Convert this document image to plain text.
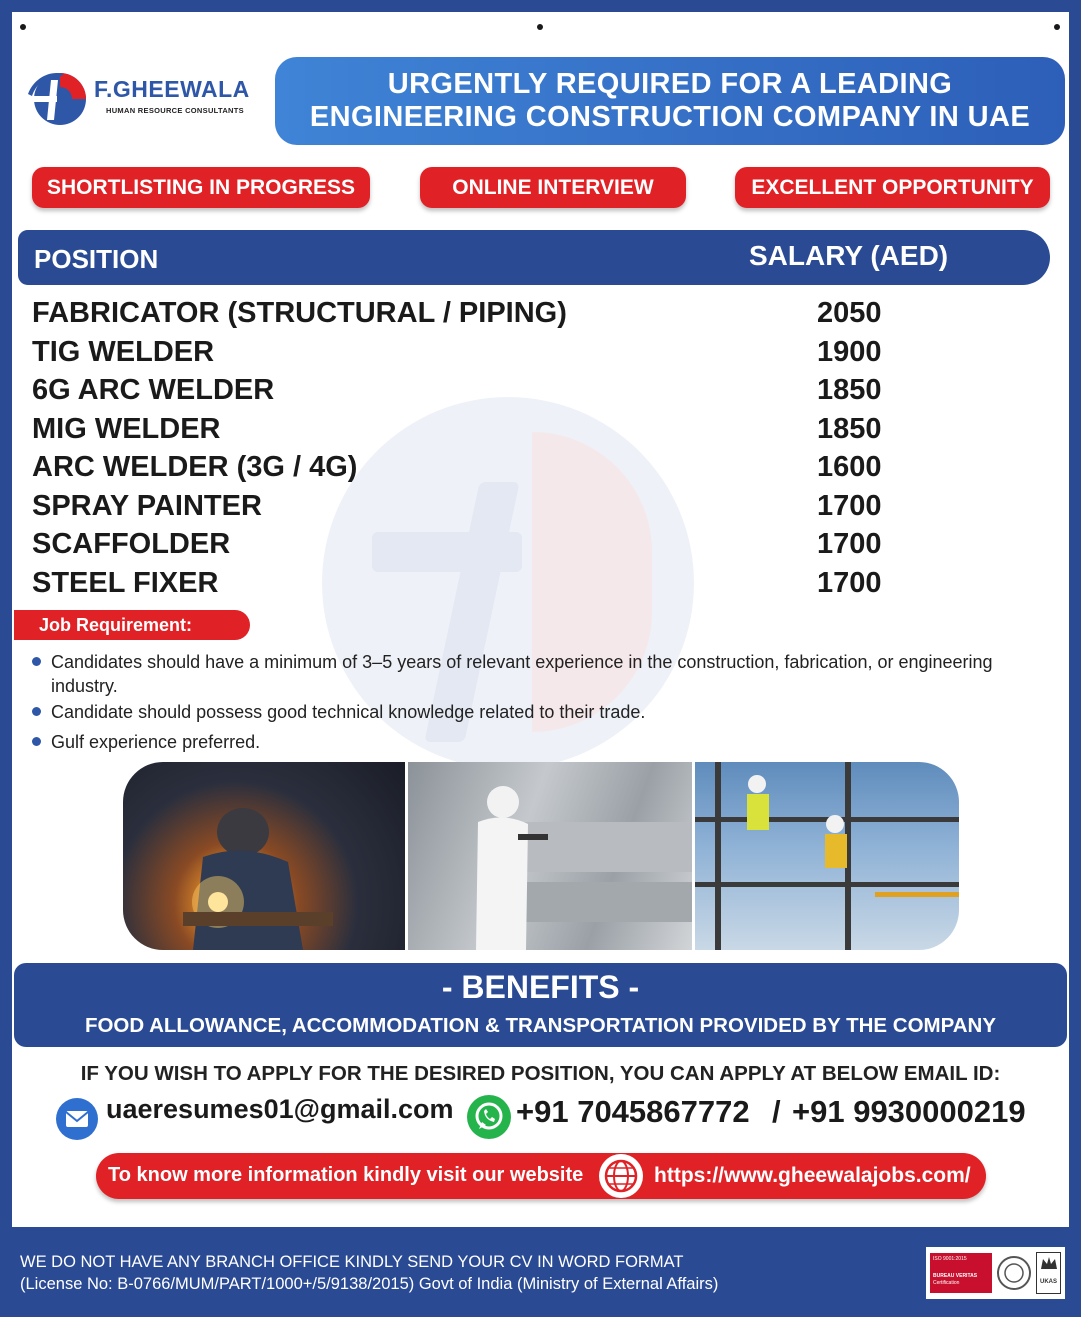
F.GHEEWALA
HUMAN RESOURCE CONSULTANTS
URGENTLY REQUIRED FOR A LEADING
ENGINEERING CONSTRUCTION COMPANY IN UAE
SHORTLISTING IN PROGRESS	ONLINE INTERVIEW	EXCELLENT OPPORTUNITY
POSITION	SALARY (AED)
FABRICATOR (STRUCTURAL / PIPING)	2050
TIG WELDER	1900
6G ARC WELDER	1850
MIG WELDER	1850
ARC WELDER (3G / 4G)	1600
SPRAY PAINTER	1700
SCAFFOLDER	1700
STEEL FIXER	1700
Job Requirement:
Candidates should have a minimum of 3–5 years of relevant experience in the construction, fabrication, or engineering industry.
Candidate should possess good technical knowledge related to their trade.
Gulf experience preferred.
- BENEFITS -
FOOD ALLOWANCE, ACCOMMODATION & TRANSPORTATION PROVIDED BY THE COMPANY
IF YOU WISH TO APPLY FOR THE DESIRED POSITION, YOU CAN APPLY AT BELOW EMAIL ID:
uaeresumes01@gmail.com +91 7045867772 / +91 9930000219
To know more information kindly visit our website	https://www.gheewalajobs.com/
WE DO NOT HAVE ANY BRANCH OFFICE KINDLY SEND YOUR CV IN WORD FORMAT
(License No: B-0766/MUM/PART/1000+/5/9138/2015) Govt of India (Ministry of External Affairs)
ISO 9001:2015
BUREAU VERITAS
Certification	UKAS
